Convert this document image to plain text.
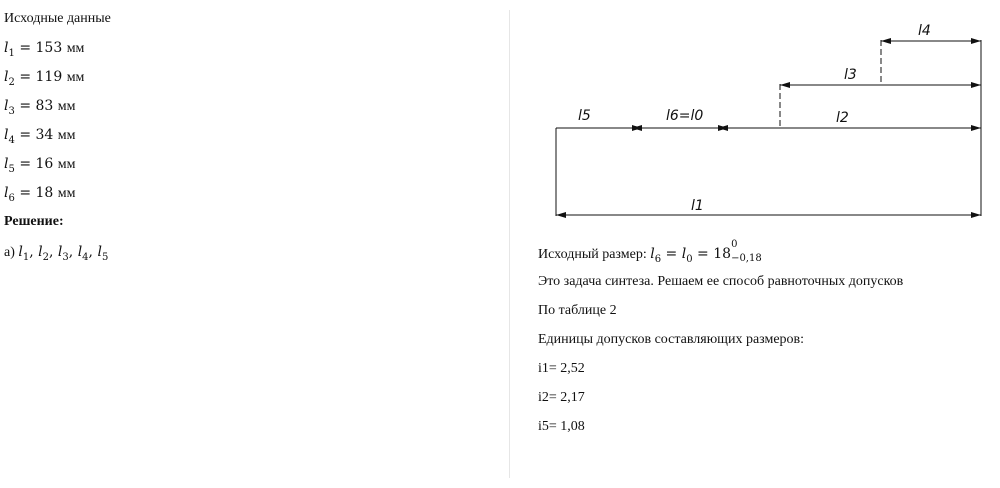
Исходные данные
$l_1 = 153$ мм
$l_2 = 119$ мм
$l_3 = 83$ мм
$l_4 = 34$ мм
$l_5 = 16$ мм
$l_6 = 18$ мм
Решение:
а) $l_1$, $l_2$, $l_3$, $l_4$, $l_5$
l4
l3
l5	l6=l0	l2
l1
Исходный размер: $l_6 = l_0 = 18$
0
−0,18
Это задача синтеза. Решаем ее способ равноточных допусков
По таблице 2
Единицы допусков составляющих размеров:
i1= 2,52
i2= 2,17
i5= 1,08
